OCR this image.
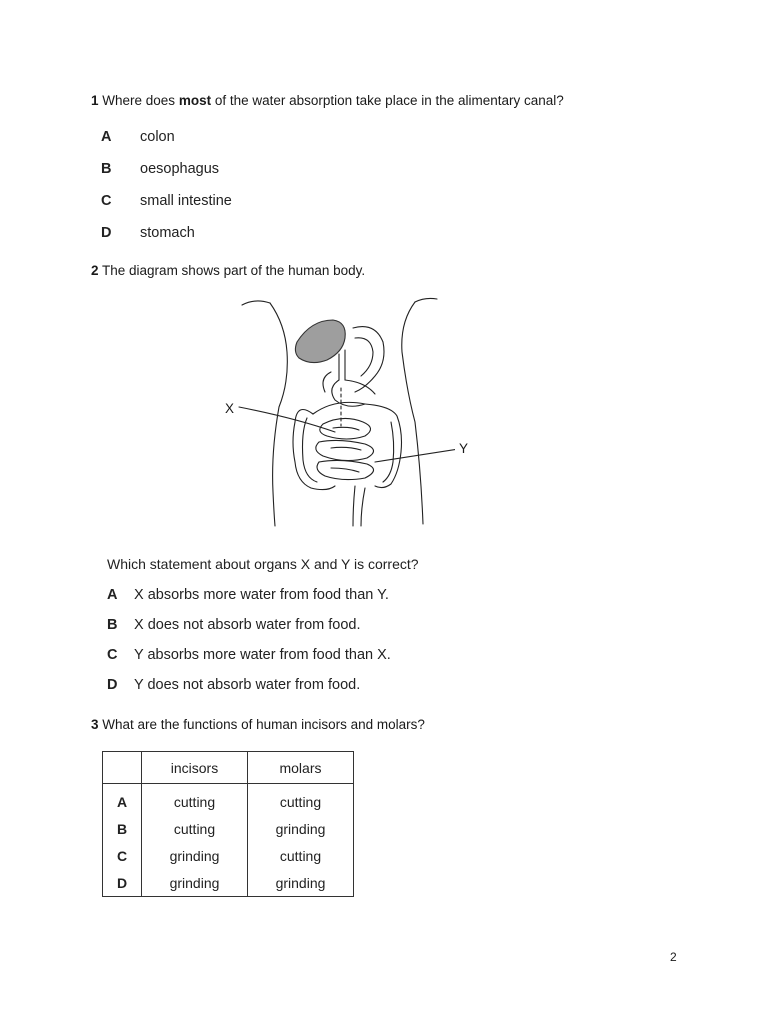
1 Where does most of the water absorption take place in the alimentary canal?
A colon
B oesophagus
C small intestine
D stomach
2 The diagram shows part of the human body.
X
Y
Which statement about organs X and Y is correct?
A X absorbs more water from food than Y.
B X does not absorb water from food.
C Y absorbs more water from food than X.
D Y does not absorb water from food.
3 What are the functions of human incisors and molars?
	incisors	molars
A	cutting	cutting
B	cutting	grinding
C	grinding	cutting
D	grinding	grinding
2
